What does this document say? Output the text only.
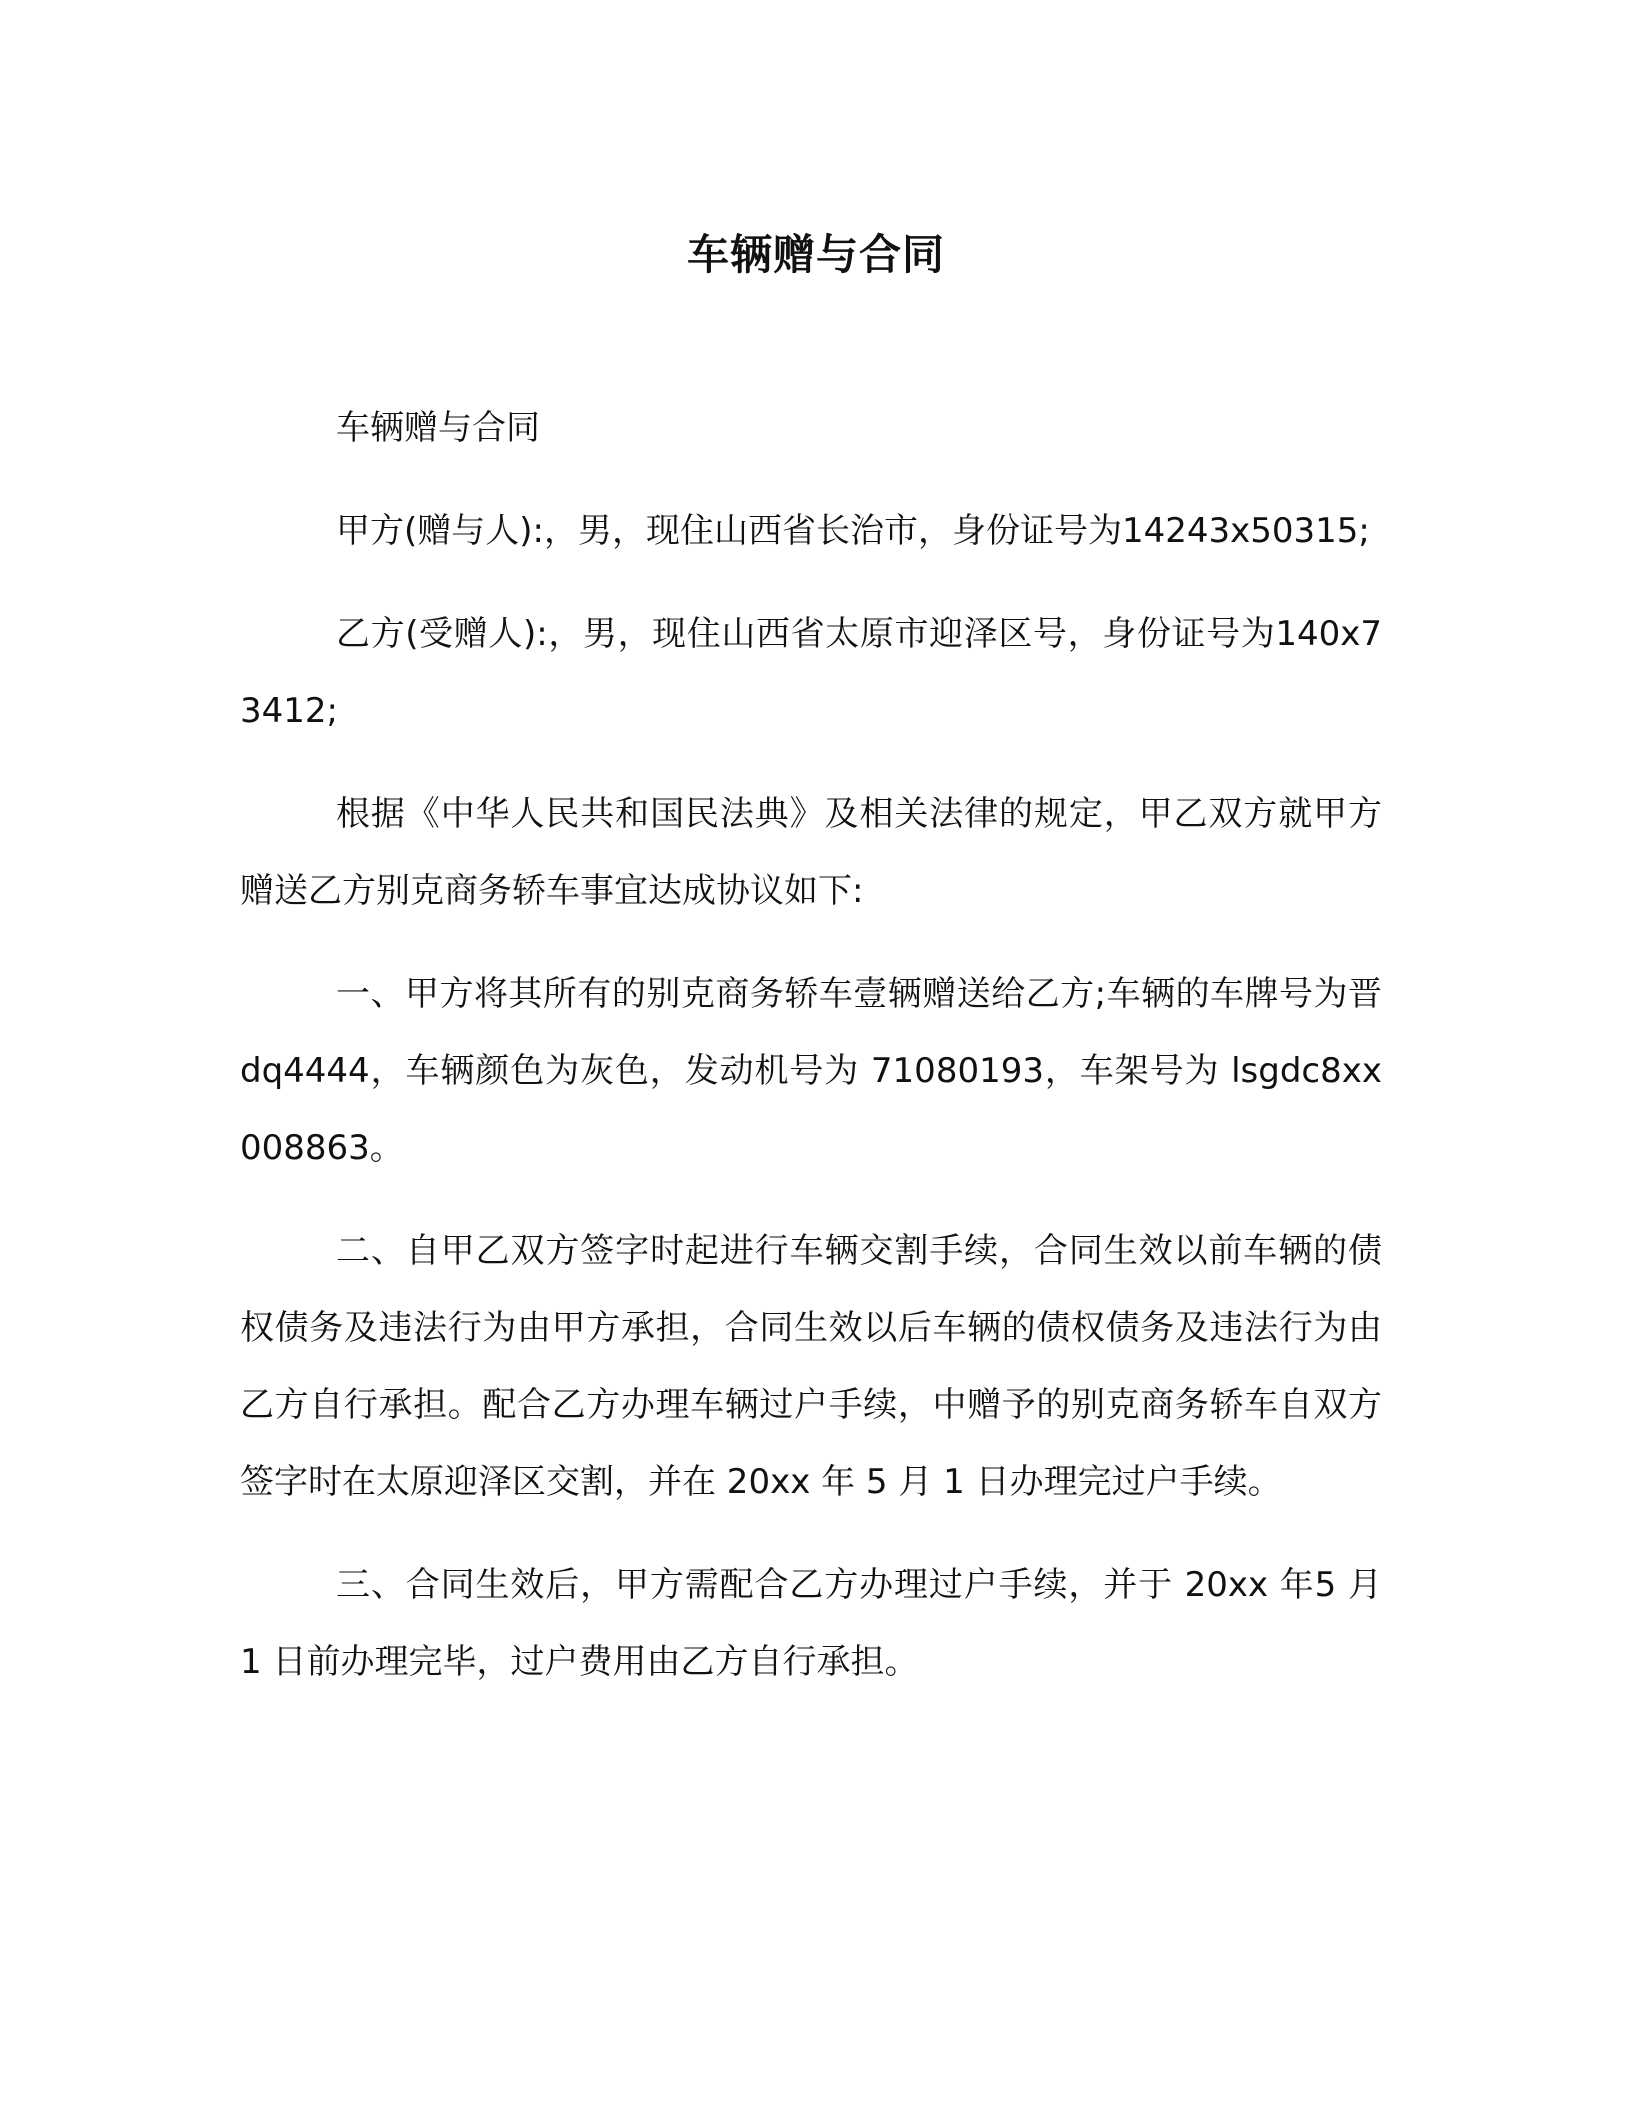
车辆赠与合同

车辆赠与合同

甲方(赠与人):，男，现住山西省长治市，身份证号为14243x50315;

乙方(受赠人):，男，现住山西省太原市迎泽区号，身份证号为140x73412;

根据《中华人民共和国民法典》及相关法律的规定，甲乙双方就甲方赠送乙方别克商务轿车事宜达成协议如下:

一、甲方将其所有的别克商务轿车壹辆赠送给乙方;车辆的车牌号为晋 dq4444，车辆颜色为灰色，发动机号为 71080193，车架号为 lsgdc8xx008863。

二、自甲乙双方签字时起进行车辆交割手续，合同生效以前车辆的债权债务及违法行为由甲方承担，合同生效以后车辆的债权债务及违法行为由乙方自行承担。配合乙方办理车辆过户手续，中赠予的别克商务轿车自双方签字时在太原迎泽区交割，并在 20xx 年 5 月 1 日办理完过户手续。

三、合同生效后，甲方需配合乙方办理过户手续，并于 20xx 年5 月 1 日前办理完毕，过户费用由乙方自行承担。
